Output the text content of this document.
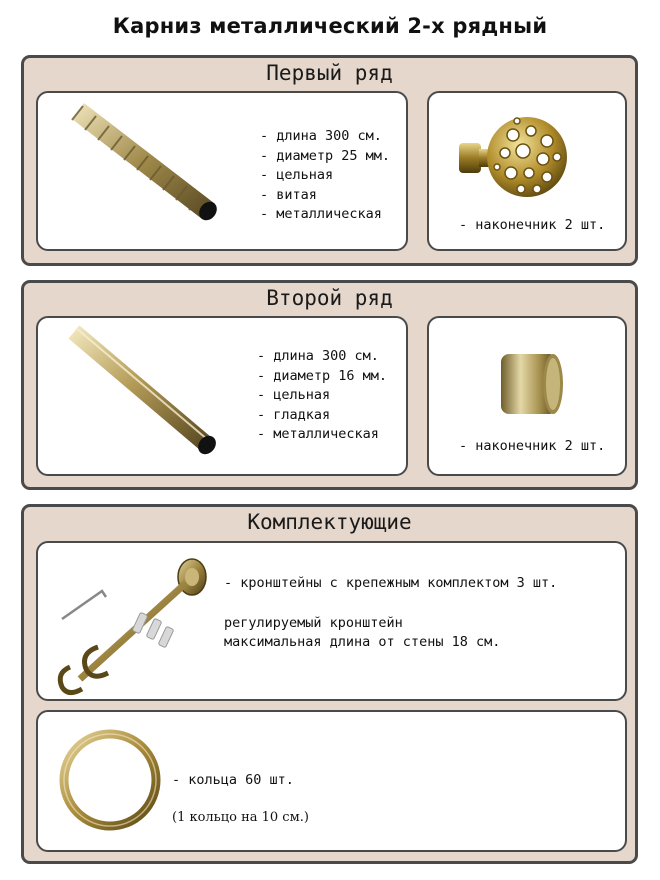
Карниз металлический 2-х рядный
Первый ряд
- длина 300 см.
- диаметр 25 мм.
- цельная
- витая
- металлическая
- наконечник 2 шт.
Второй ряд
- длина 300 см.
- диаметр 16 мм.
- цельная
- гладкая
- металлическая
- наконечник 2 шт.
Комплектующие
- кронштейны с крепежным комплектом 3 шт.
регулируемый кронштейн
максимальная длина от стены 18 см.
- кольца 60 шт.
(1 кольцо на 10 см.)
